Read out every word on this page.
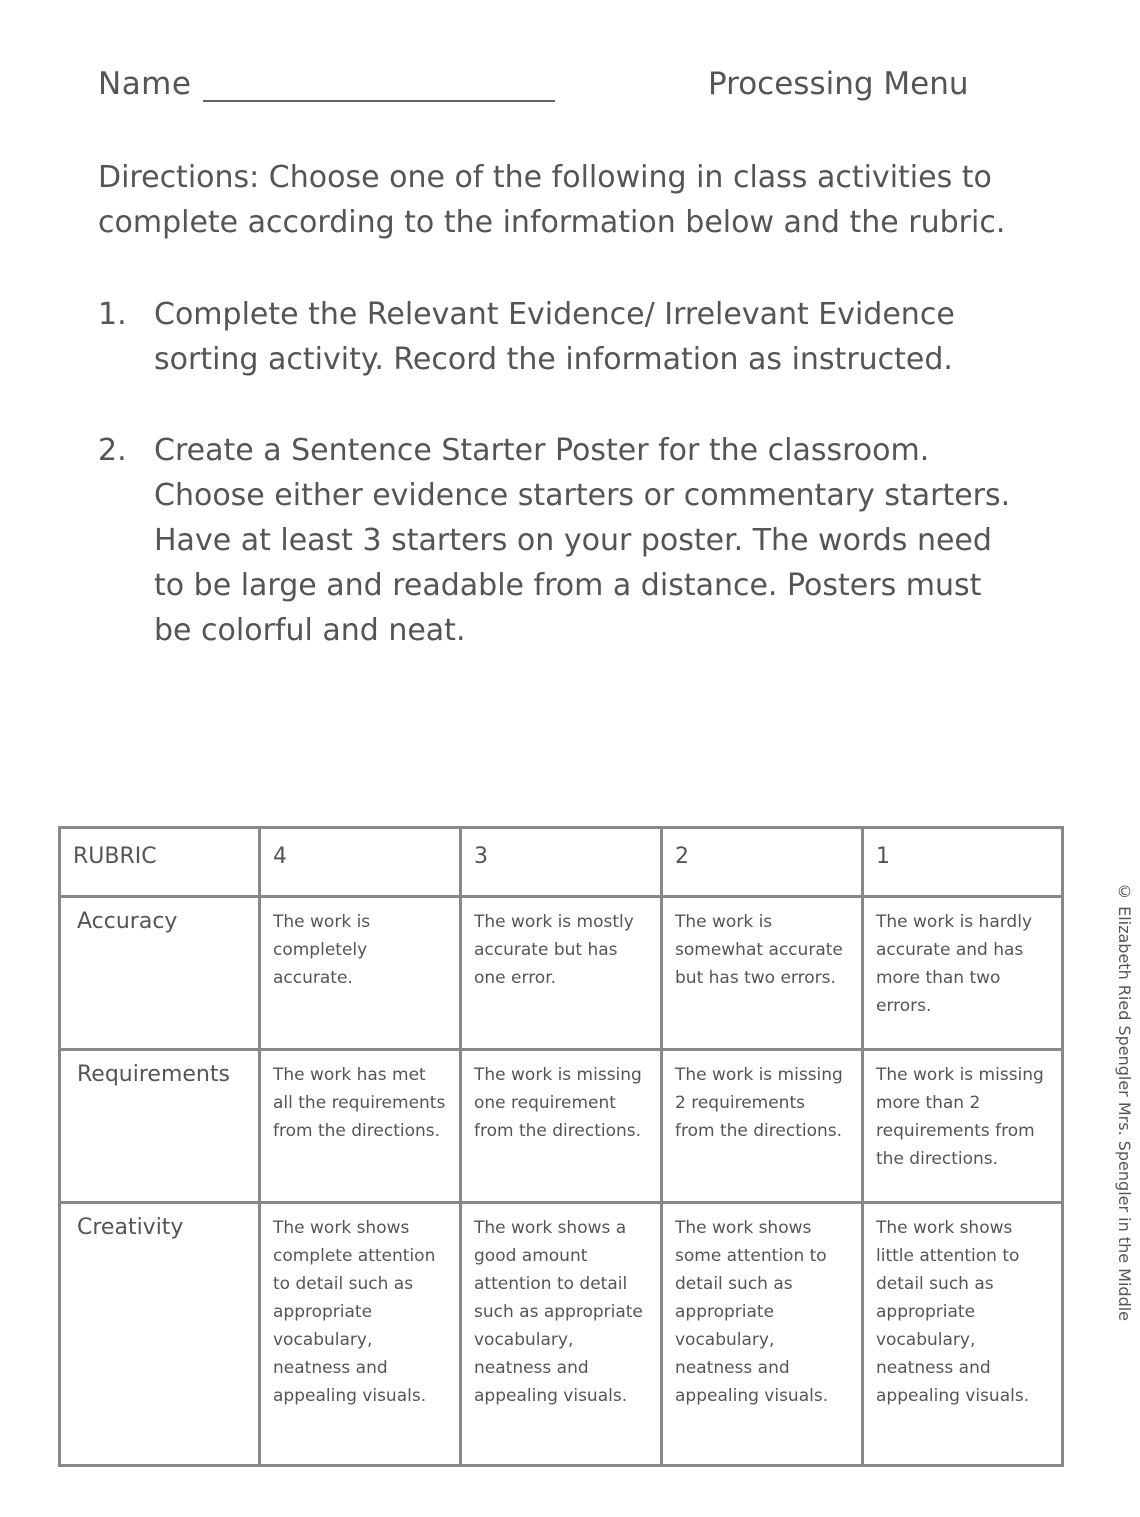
Name	Processing Menu
Directions: Choose one of the following in class activities to complete according to the information below and the rubric.
1. Complete the Relevant Evidence/ Irrelevant Evidence sorting activity. Record the information as instructed.
2. Create a Sentence Starter Poster for the classroom. Choose either evidence starters or commentary starters. Have at least 3 starters on your poster. The words need to be large and readable from a distance. Posters must be colorful and neat.
RUBRIC	4	3	2	1
Accuracy	The work is completely accurate.	The work is mostly accurate but has one error.	The work is somewhat accurate but has two errors.	The work is hardly accurate and has more than two errors.
Requirements	The work has met all the requirements from the directions.	The work is missing one requirement from the directions.	The work is missing 2 requirements from the directions.	The work is missing more than 2 requirements from the directions.
Creativity	The work shows complete attention to detail such as appropriate vocabulary, neatness and appealing visuals.	The work shows a good amount attention to detail such as appropriate vocabulary, neatness and appealing visuals.	The work shows some attention to detail such as appropriate vocabulary, neatness and appealing visuals.	The work shows little attention to detail such as appropriate vocabulary, neatness and appealing visuals.
© Elizabeth Ried Spengler Mrs. Spengler in the Middle
